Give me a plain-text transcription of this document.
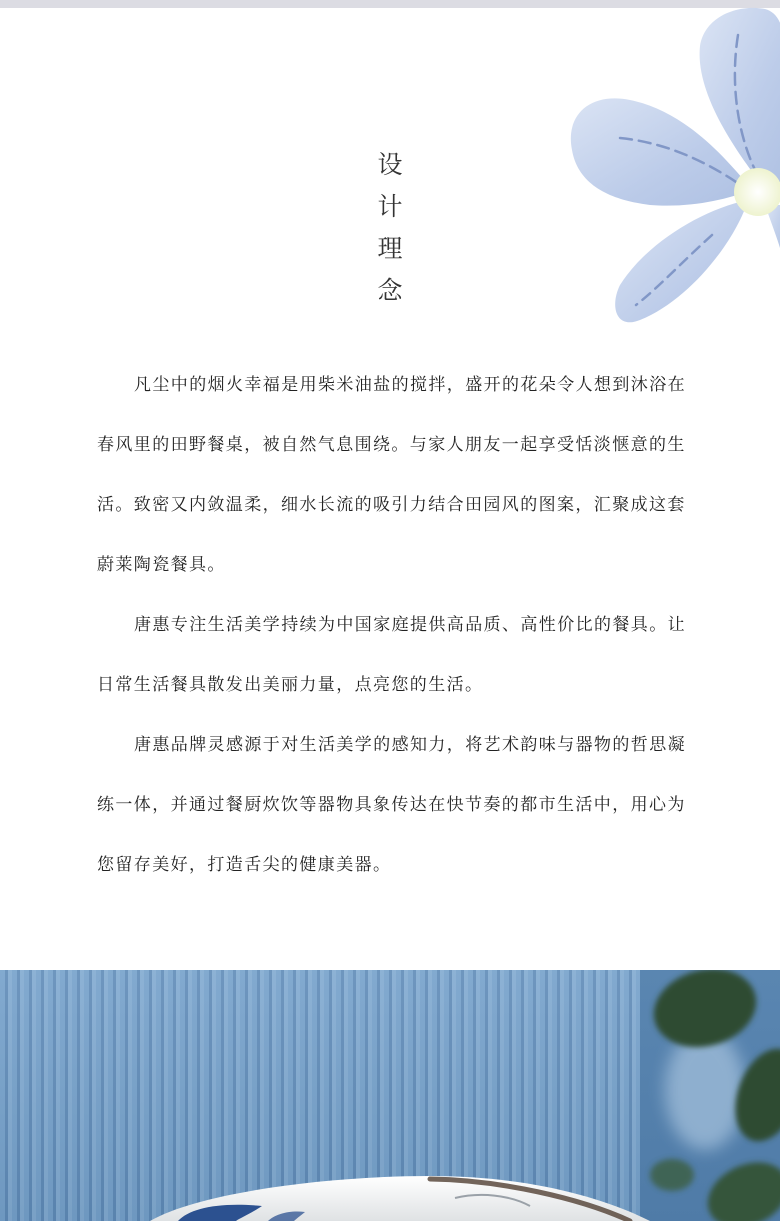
设
计
理
念
凡尘中的烟火幸福是用柴米油盐的搅拌，盛开的花朵令人想到沐浴在
春风里的田野餐桌，被自然气息围绕。与家人朋友一起享受恬淡惬意的生
活。致密又内敛温柔，细水长流的吸引力结合田园风的图案，汇聚成这套
蔚莱陶瓷餐具。
唐惠专注生活美学持续为中国家庭提供高品质、高性价比的餐具。让
日常生活餐具散发出美丽力量，点亮您的生活。
唐惠品牌灵感源于对生活美学的感知力，将艺术韵味与器物的哲思凝
练一体，并通过餐厨炊饮等器物具象传达在快节奏的都市生活中，用心为
您留存美好，打造舌尖的健康美器。
